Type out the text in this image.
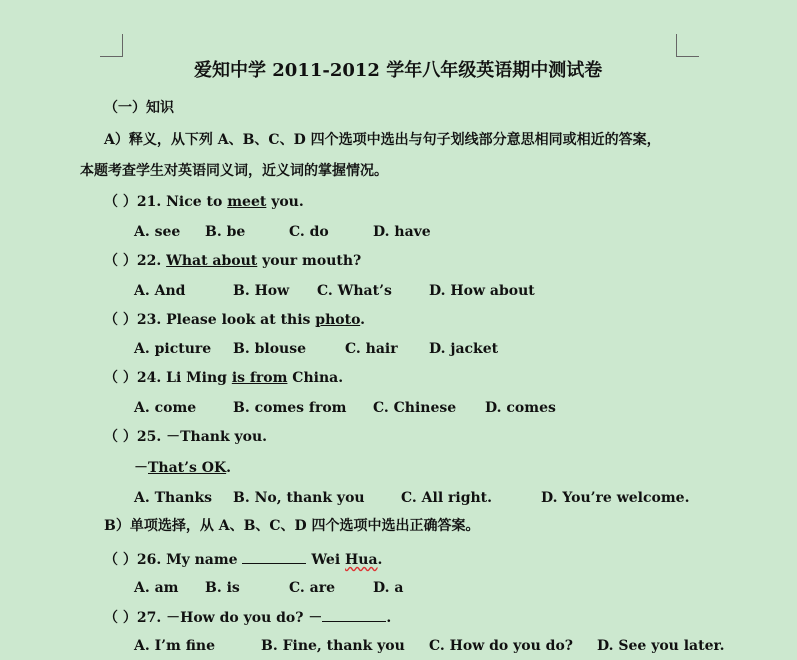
爱知中学 2011-2012 学年八年级英语期中测试卷
（一）知识
A）释义，从下列 A、B、C、D 四个选项中选出与句子划线部分意思相同或相近的答案，
本题考查学生对英语同义词，近义词的掌握情况。
（ ）21. Nice to meet you.
A. see B. be	C. do	D. have
（ ）22. What about your mouth?
A. And	B. How C. What’s	D. How about
（ ）23. Please look at this photo.
A. picture B. blouse	C. hair D. jacket
（ ）24. Li Ming is from China.
A. come	B. comes from C. Chinese D. comes
（ ）25. －Thank you.
－That’s OK.
A. Thanks B. No, thank you	C. All right.	D. You’re welcome.
B）单项选择，从 A、B、C、D 四个选项中选出正确答案。
（ ）26. My name	Wei Hua.
A. am B. is	C. are	D. a
（ ）27. －How do you do? －	.
A. I’m fine	B. Fine, thank you C. How do you do? D. See you later.
